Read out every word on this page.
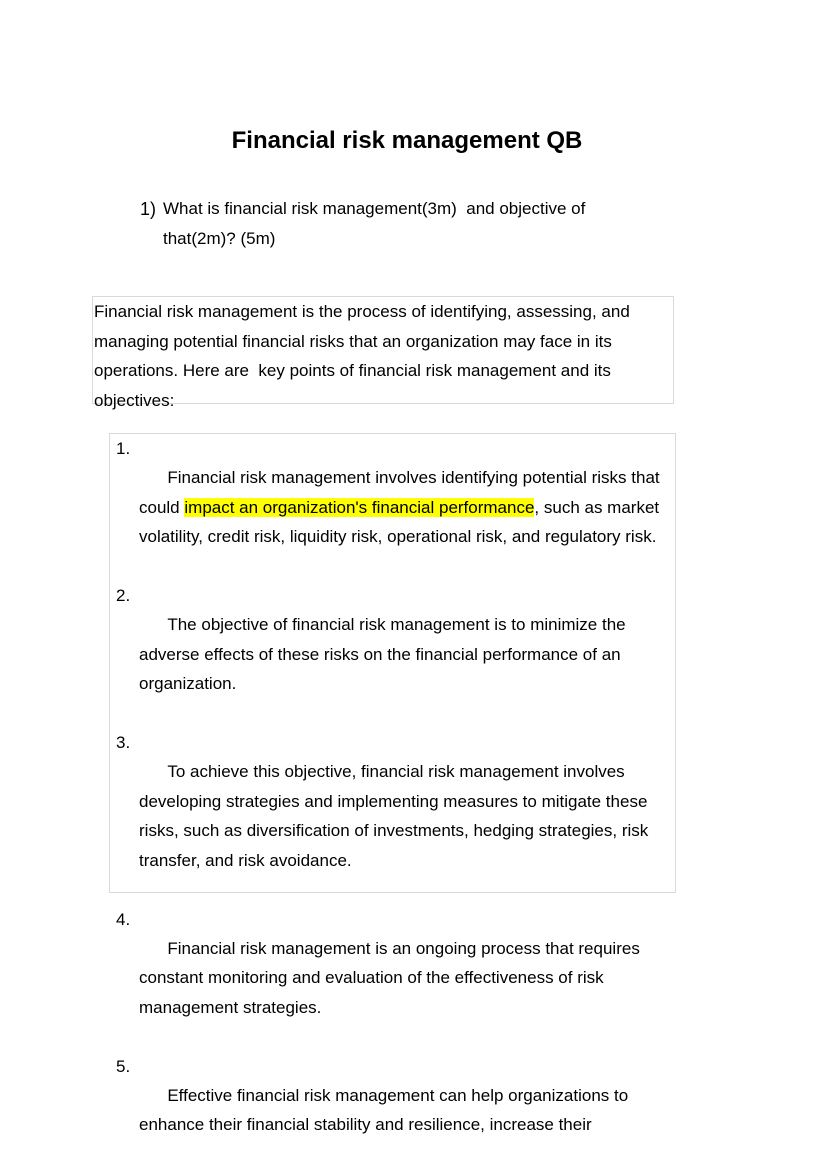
Financial risk management QB
1) What is financial risk management(3m)  and objective of that(2m)? (5m)
Financial risk management is the process of identifying, assessing, and managing potential financial risks that an organization may face in its operations. Here are  key points of financial risk management and its objectives:

1.
Financial risk management involves identifying potential risks that could impact an organization's financial performance, such as market volatility, credit risk, liquidity risk, operational risk, and regulatory risk.

2.
The objective of financial risk management is to minimize the adverse effects of these risks on the financial performance of an organization.

3.
To achieve this objective, financial risk management involves developing strategies and implementing measures to mitigate these risks, such as diversification of investments, hedging strategies, risk transfer, and risk avoidance.

4.
Financial risk management is an ongoing process that requires constant monitoring and evaluation of the effectiveness of risk management strategies.

5.
Effective financial risk management can help organizations to enhance their financial stability and resilience, increase their
